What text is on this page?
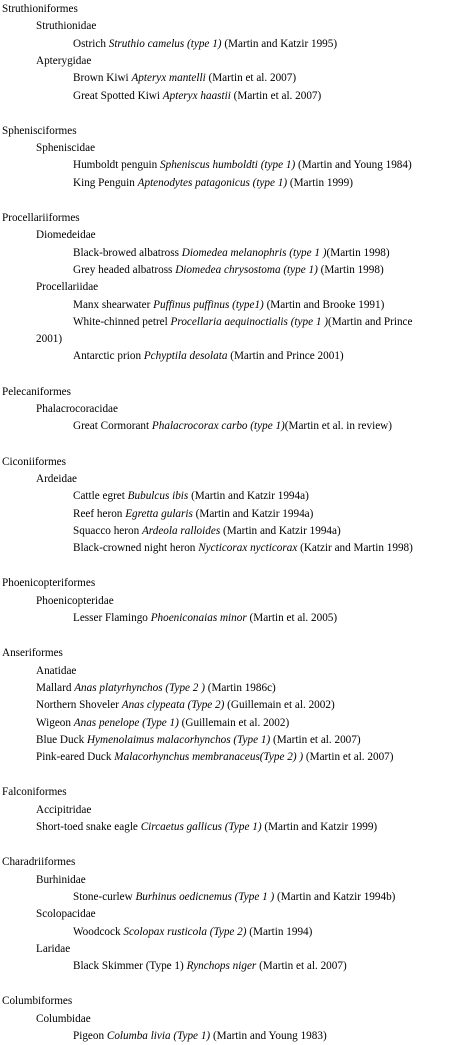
Struthioniformes
Struthionidae
Ostrich Struthio camelus (type 1) (Martin and Katzir 1995)
Apterygidae
Brown Kiwi Apteryx mantelli (Martin et al. 2007)
Great Spotted Kiwi Apteryx haastii (Martin et al. 2007)
Sphenisciformes
Spheniscidae
Humboldt penguin Spheniscus humboldti (type 1) (Martin and Young 1984)
King Penguin Aptenodytes patagonicus (type 1) (Martin 1999)
Procellariiformes
Diomedeidae
Black-browed albatross Diomedea melanophris (type 1 )(Martin 1998)
Grey headed albatross Diomedea chrysostoma (type 1) (Martin 1998)
Procellariidae
Manx shearwater Puffinus puffinus (type1) (Martin and Brooke 1991)
White-chinned petrel Procellaria aequinoctialis (type 1 )(Martin and Prince
2001)
Antarctic prion Pchyptila desolata (Martin and Prince 2001)
Pelecaniformes
Phalacrocoracidae
Great Cormorant Phalacrocorax carbo (type 1)(Martin et al. in review)
Ciconiiformes
Ardeidae
Cattle egret Bubulcus ibis (Martin and Katzir 1994a)
Reef heron Egretta gularis (Martin and Katzir 1994a)
Squacco heron Ardeola ralloides (Martin and Katzir 1994a)
Black-crowned night heron Nycticorax nycticorax (Katzir and Martin 1998)
Phoenicopteriformes
Phoenicopteridae
Lesser Flamingo Phoeniconaias minor (Martin et al. 2005)
Anseriformes
Anatidae
Mallard Anas platyrhynchos (Type 2 ) (Martin 1986c)
Northern Shoveler Anas clypeata (Type 2) (Guillemain et al. 2002)
Wigeon Anas penelope (Type 1) (Guillemain et al. 2002)
Blue Duck Hymenolaimus malacorhynchos (Type 1) (Martin et al. 2007)
Pink-eared Duck Malacorhynchus membranaceus(Type 2) ) (Martin et al. 2007)
Falconiformes
Accipitridae
Short-toed snake eagle Circaetus gallicus (Type 1) (Martin and Katzir 1999)
Charadriiformes
Burhinidae
Stone-curlew Burhinus oedicnemus (Type 1 ) (Martin and Katzir 1994b)
Scolopacidae
Woodcock Scolopax rusticola (Type 2) (Martin 1994)
Laridae
Black Skimmer (Type 1) Rynchops niger (Martin et al. 2007)
Columbiformes
Columbidae
Pigeon Columba livia (Type 1) (Martin and Young 1983)
